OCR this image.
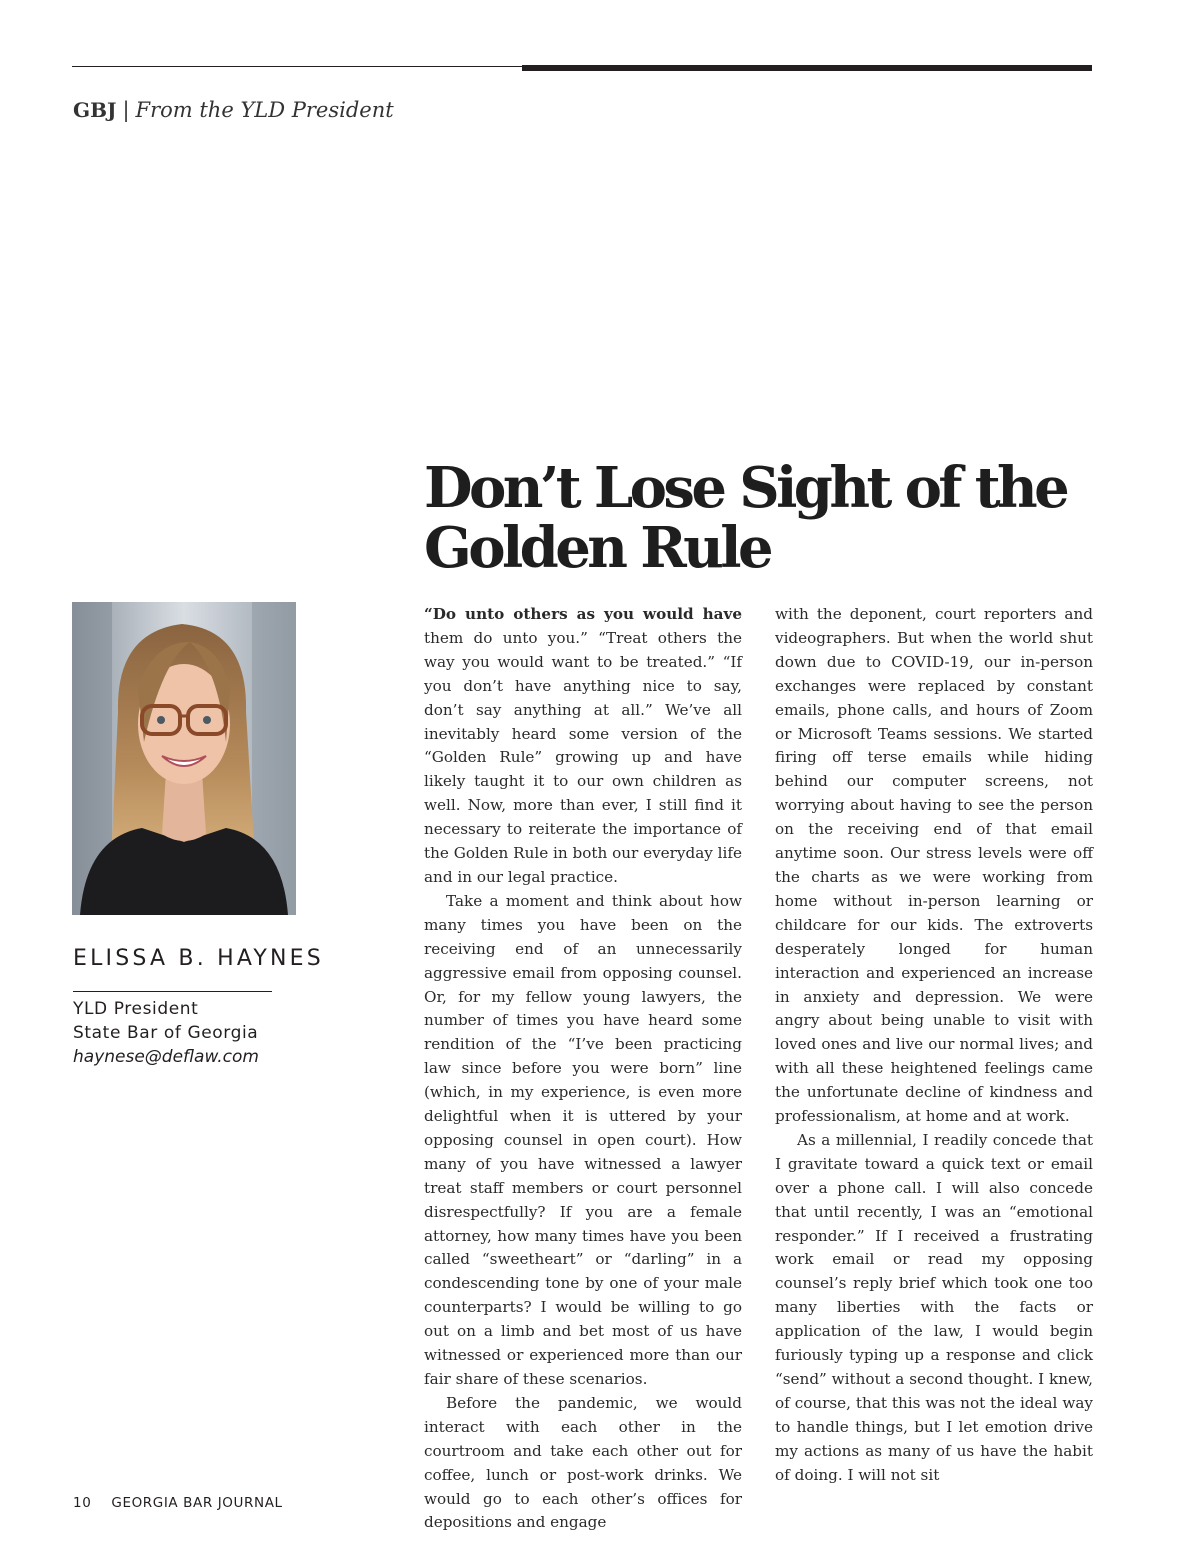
GBJ | From the YLD President
Don’t Lose Sight of the Golden Rule
ELISSA B. HAYNES
YLD President
State Bar of Georgia
haynese@deflaw.com

“Do unto others as you would have them do unto you.” “Treat others the way you would want to be treated.” “If you don’t have anything nice to say, don’t say anything at all.” We’ve all inevitably heard some version of the “Golden Rule” growing up and have likely taught it to our own children as well. Now, more than ever, I still find it necessary to reiterate the importance of the Golden Rule in both our everyday life and in our legal practice.

Take a moment and think about how many times you have been on the receiving end of an unnecessarily aggressive email from opposing counsel. Or, for my fellow young lawyers, the number of times you have heard some rendition of the “I’ve been practicing law since before you were born” line (which, in my experience, is even more delightful when it is uttered by your opposing counsel in open court). How many of you have witnessed a lawyer treat staff members or court personnel disrespectfully? If you are a female attorney, how many times have you been called “sweetheart” or “darling” in a condescending tone by one of your male counterparts? I would be willing to go out on a limb and bet most of us have witnessed or experienced more than our fair share of these scenarios.

Before the pandemic, we would interact with each other in the courtroom and take each other out for coffee, lunch or post-work drinks. We would go to each other’s offices for depositions and engage

with the deponent, court reporters and videographers. But when the world shut down due to COVID-19, our in-person exchanges were replaced by constant emails, phone calls, and hours of Zoom or Microsoft Teams sessions. We started firing off terse emails while hiding behind our computer screens, not worrying about having to see the person on the receiving end of that email anytime soon. Our stress levels were off the charts as we were working from home without in-person learning or childcare for our kids. The extroverts desperately longed for human interaction and experienced an increase in anxiety and depression. We were angry about being unable to visit with loved ones and live our normal lives; and with all these heightened feelings came the unfortunate decline of kindness and professionalism, at home and at work.

As a millennial, I readily concede that I gravitate toward a quick text or email over a phone call. I will also concede that until recently, I was an “emotional responder.” If I received a frustrating work email or read my opposing counsel’s reply brief which took one too many liberties with the facts or application of the law, I would begin furiously typing up a response and click “send” without a second thought. I knew, of course, that this was not the ideal way to handle things, but I let emotion drive my actions as many of us have the habit of doing. I will not sit

10 GEORGIA BAR JOURNAL
